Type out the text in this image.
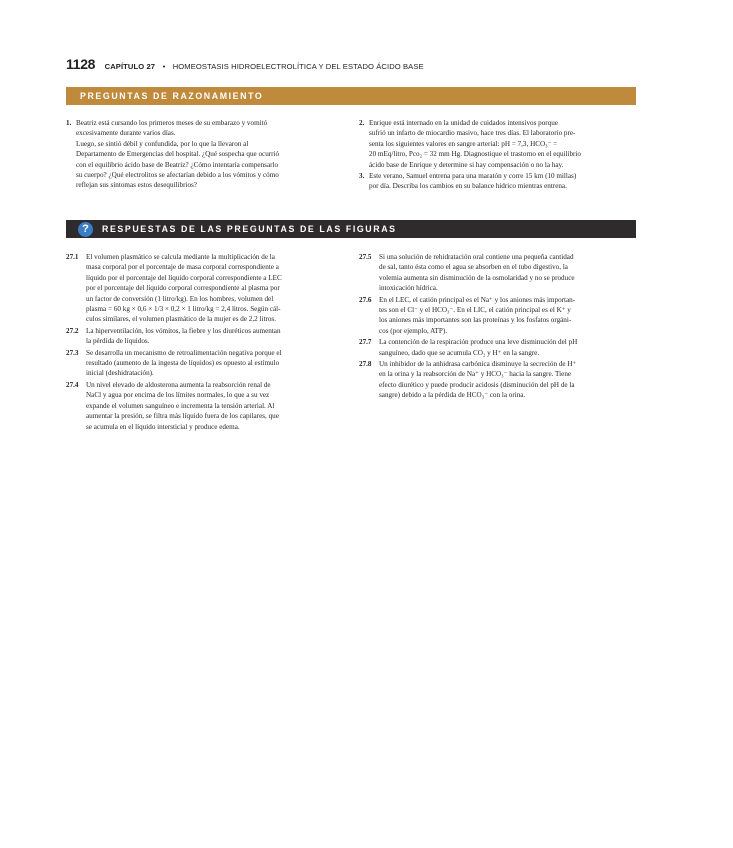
1128 CAPÍTULO 27 • HOMEOSTASIS HIDROELECTROLÍTICA Y DEL ESTADO ÁCIDO BASE
PREGUNTAS DE RAZONAMIENTO
1. Beatriz está cursando los primeros meses de su embarazo y vomitó
excesivamente durante varios días.
Luego, se sintió débil y confundida, por lo que la llevaron al
Departamento de Emergencias del hospital. ¿Qué sospecha que ocurrió
con el equilibrio ácido base de Beatriz? ¿Cómo intentaría compensarlo
su cuerpo? ¿Qué electrolitos se afectarían debido a los vómitos y cómo
reflejan sus síntomas estos desequilibrios?
2. Enrique está internado en la unidad de cuidados intensivos porque
sufrió un infarto de miocardio masivo, hace tres días. El laboratorio pre-
senta los siguientes valores en sangre arterial: pH = 7,3, HCO₃⁻ =
20 mEq/litro, Pco₂ = 32 mm Hg. Diagnostique el trastorno en el equilibrio
ácido base de Enrique y determine si hay compensación o no la hay.
3. Este verano, Samuel entrena para una maratón y corre 15 km (10 millas)
por día. Describa los cambios en su balance hídrico mientras entrena.
?	RESPUESTAS DE LAS PREGUNTAS DE LAS FIGURAS
27.1	El volumen plasmático se calcula mediante la multiplicación de la
masa corporal por el porcentaje de masa corporal correspondiente a
líquido por el porcentaje del líquido corporal correspondiente a LEC
por el porcentaje del líquido corporal correspondiente al plasma por
un factor de conversión (1 litro/kg). En los hombres, volumen del
plasma = 60 kg × 0,6 × 1/3 × 0,2 × 1 litro/kg = 2,4 litros. Según cál-
culos similares, el volumen plasmático de la mujer es de 2,2 litros.
27.2	La hiperventilación, los vómitos, la fiebre y los diuréticos aumentan
la pérdida de líquidos.
27.3	Se desarrolla un mecanismo de retroalimentación negativa porque el
resultado (aumento de la ingesta de líquidos) es opuesto al estímulo
inicial (deshidratación).
27.4	Un nivel elevado de aldosterona aumenta la reabsorción renal de
NaCl y agua por encima de los límites normales, lo que a su vez
expande el volumen sanguíneo e incrementa la tensión arterial. Al
aumentar la presión, se filtra más líquido fuera de los capilares, que
se acumula en el líquido intersticial y produce edema.
27.5	Si una solución de rehidratación oral contiene una pequeña cantidad
de sal, tanto ésta como el agua se absorben en el tubo digestivo, la
volemia aumenta sin disminución de la osmolaridad y no se produce
intoxicación hídrica.
27.6	En el LEC, el catión principal es el Na⁺ y los aniones más importan-
tes son el Cl⁻ y el HCO₃⁻. En el LIC, el catión principal es el K⁺ y
los aniones más importantes son las proteínas y los fosfatos orgáni-
cos (por ejemplo, ATP).
27.7	La contención de la respiración produce una leve disminución del pH
sanguíneo, dado que se acumula CO₂ y H⁺ en la sangre.
27.8	Un inhibidor de la anhidrasa carbónica disminuye la secreción de H⁺
en la orina y la reabsorción de Na⁺ y HCO₃⁻ hacia la sangre. Tiene
efecto diurético y puede producir acidosis (disminución del pH de la
sangre) debido a la pérdida de HCO₃⁻ con la orina.
